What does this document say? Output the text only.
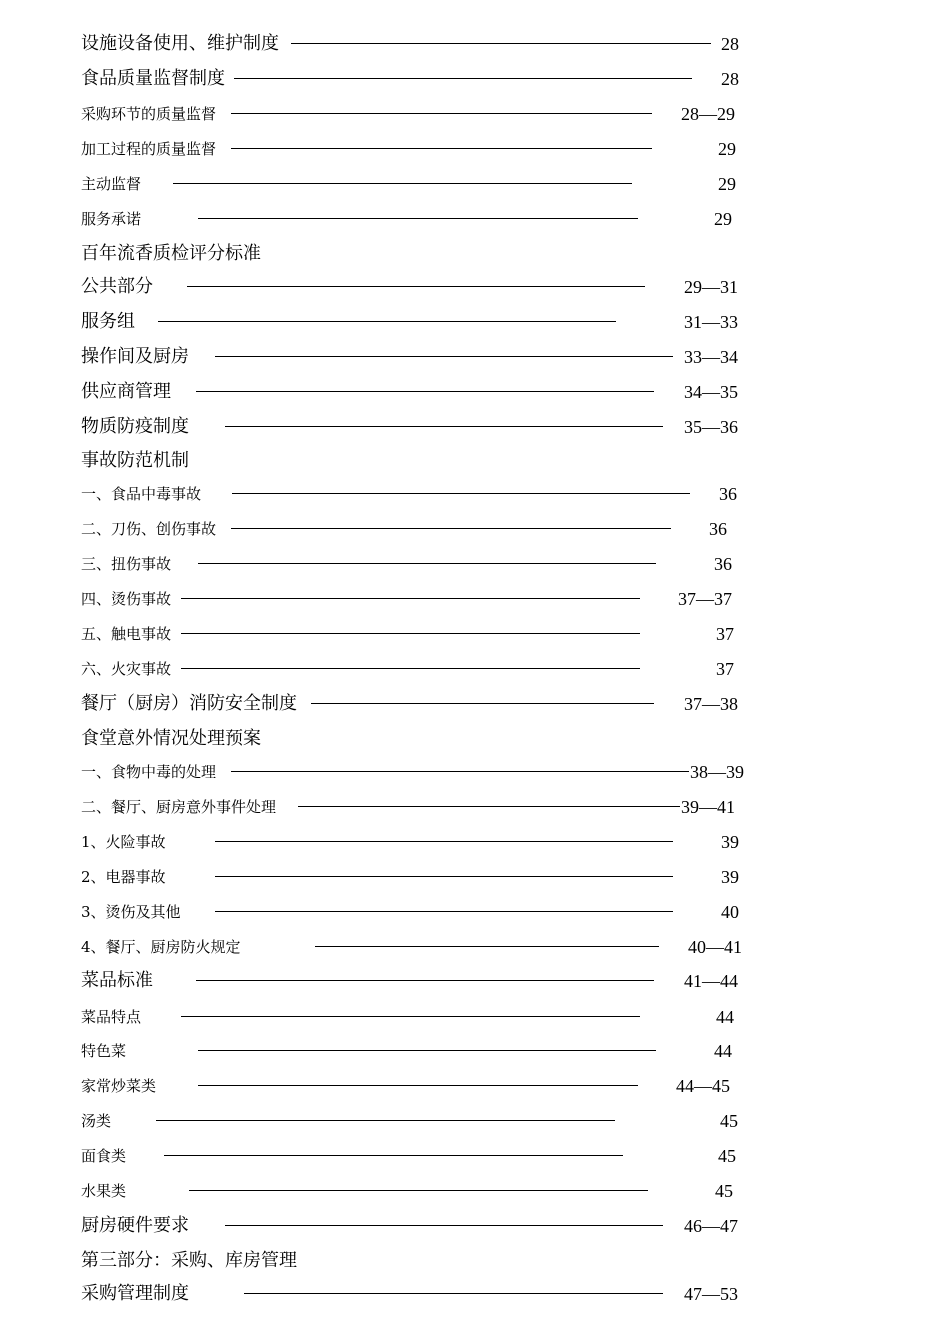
设施设备使用、维护制度	28
食品质量监督制度	28
采购环节的质量监督	28—29
加工过程的质量监督	29
主动监督	29
服务承诺	29
百年流香质检评分标准
公共部分	29—31
服务组	31—33
操作间及厨房	33—34
供应商管理	34—35
物质防疫制度	35—36
事故防范机制
一、食品中毒事故	36
二、刀伤、创伤事故	36
三、扭伤事故	36
四、烫伤事故	37—37
五、触电事故	37
六、火灾事故	37
餐厅（厨房）消防安全制度	37—38
食堂意外情况处理预案
一、食物中毒的处理	38—39
二、餐厅、厨房意外事件处理	39—41
1、火险事故	39
2、电器事故	39
3、烫伤及其他	40
4、餐厅、厨房防火规定	40—41
菜品标准	41—44
菜品特点	44
特色菜	44
家常炒菜类	44—45
汤类	45
面食类	45
水果类	45
厨房硬件要求	46—47
第三部分：采购、库房管理
采购管理制度	47—53
